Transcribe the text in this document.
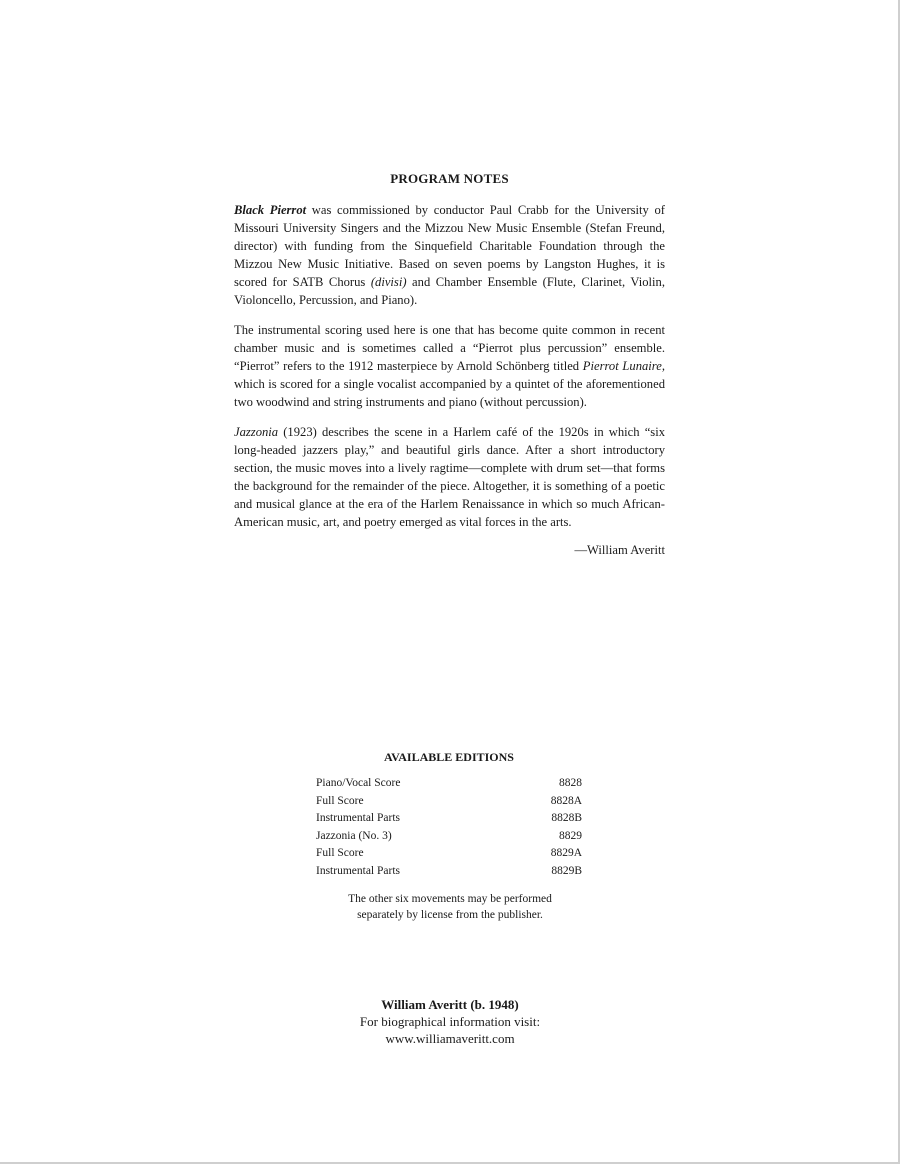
PROGRAM NOTES

Black Pierrot was commissioned by conductor Paul Crabb for the University of Missouri University Singers and the Mizzou New Music Ensemble (Stefan Freund, director) with funding from the Sinquefield Charitable Foundation through the Mizzou New Music Initiative. Based on seven poems by Langston Hughes, it is scored for SATB Chorus (divisi) and Chamber Ensemble (Flute, Clarinet, Violin, Violoncello, Percussion, and Piano).

The instrumental scoring used here is one that has become quite common in recent chamber music and is sometimes called a “Pierrot plus percussion” ensemble. “Pierrot” refers to the 1912 masterpiece by Arnold Schönberg titled Pierrot Lunaire, which is scored for a single vocalist accompanied by a quintet of the aforementioned two woodwind and string instruments and piano (without percussion).

Jazzonia (1923) describes the scene in a Harlem café of the 1920s in which “six long-headed jazzers play,” and beautiful girls dance. After a short introductory section, the music moves into a lively ragtime—complete with drum set—that forms the background for the remainder of the piece. Altogether, it is something of a poetic and musical glance at the era of the Harlem Renaissance in which so much African-American music, art, and poetry emerged as vital forces in the arts.

—William Averitt
AVAILABLE EDITIONS
Piano/Vocal Score	8828
Full Score	8828A
Instrumental Parts	8828B
Jazzonia (No. 3)	8829
Full Score	8829A
Instrumental Parts	8829B
The other six movements may be performed
separately by license from the publisher.
William Averitt (b. 1948)
For biographical information visit:
www.williamaveritt.com
